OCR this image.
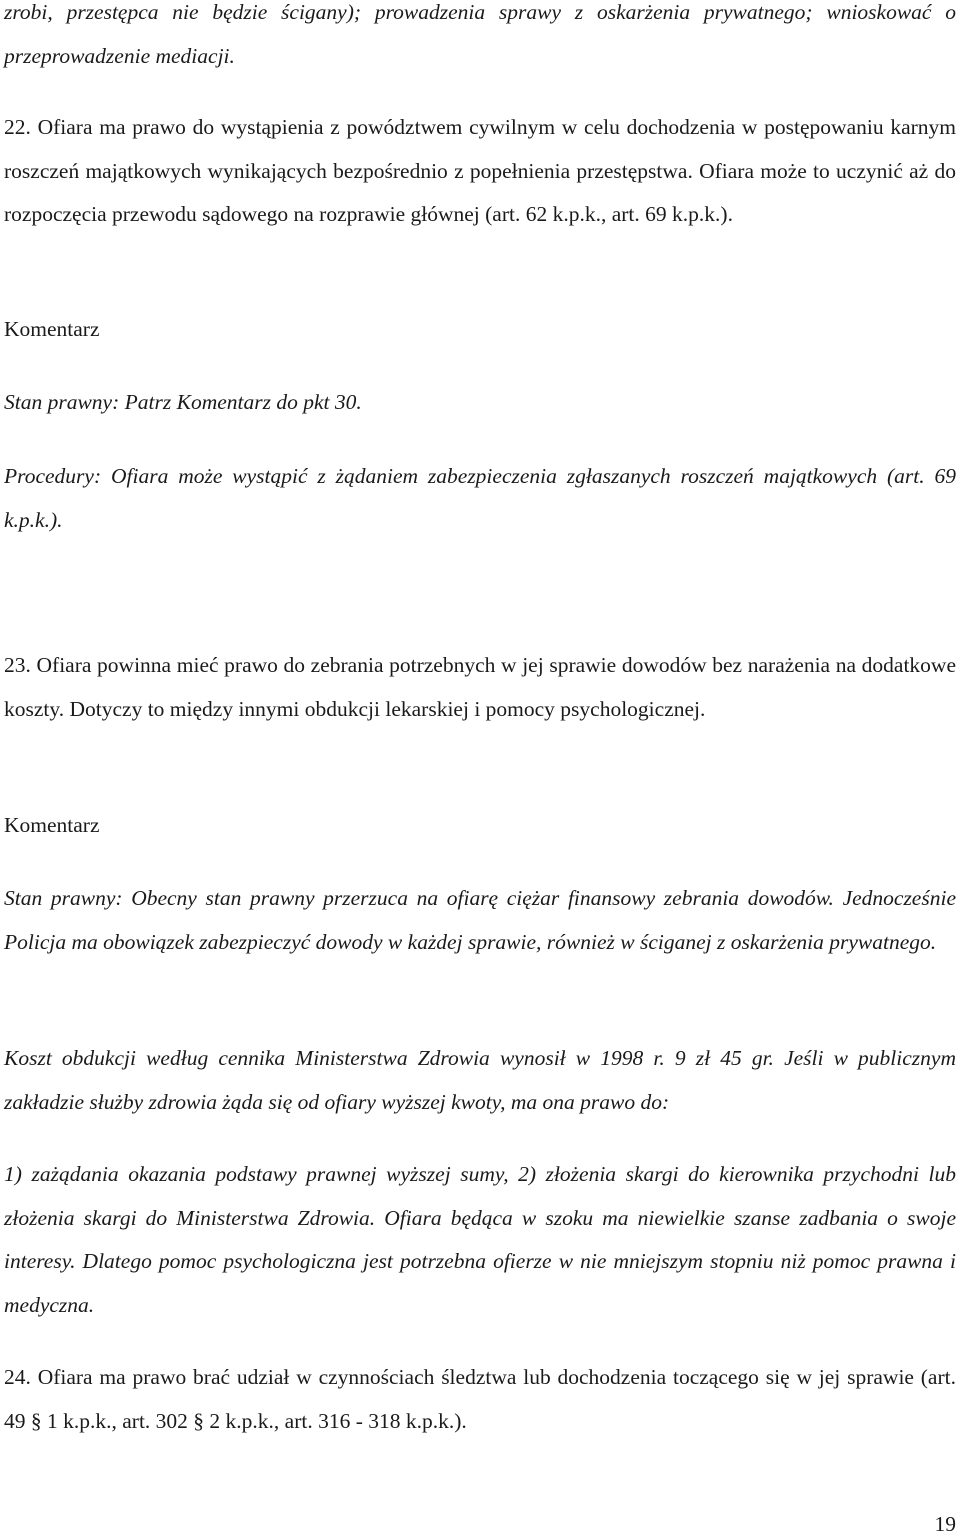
zrobi, przestępca nie będzie ścigany); prowadzenia sprawy z oskarżenia prywatnego; wnioskować o przeprowadzenie mediacji.

22. Ofiara ma prawo do wystąpienia z powództwem cywilnym w celu dochodzenia w postępowaniu karnym roszczeń majątkowych wynikających bezpośrednio z popełnienia przestępstwa. Ofiara może to uczynić aż do rozpoczęcia przewodu sądowego na rozprawie głównej (art. 62 k.p.k., art. 69 k.p.k.).

Komentarz

Stan prawny: Patrz Komentarz do pkt 30.

Procedury: Ofiara może wystąpić z żądaniem zabezpieczenia zgłaszanych roszczeń majątkowych (art. 69 k.p.k.).

23. Ofiara powinna mieć prawo do zebrania potrzebnych w jej sprawie dowodów bez narażenia na dodatkowe koszty. Dotyczy to między innymi obdukcji lekarskiej i pomocy psychologicznej.

Komentarz

Stan prawny: Obecny stan prawny przerzuca na ofiarę ciężar finansowy zebrania dowodów. Jednocześnie Policja ma obowiązek zabezpieczyć dowody w każdej sprawie, również w ściganej z oskarżenia prywatnego.

Koszt obdukcji według cennika Ministerstwa Zdrowia wynosił w 1998 r. 9 zł 45 gr. Jeśli w publicznym zakładzie służby zdrowia żąda się od ofiary wyższej kwoty, ma ona prawo do:

1) zażądania okazania podstawy prawnej wyższej sumy, 2) złożenia skargi do kierownika przychodni lub złożenia skargi do Ministerstwa Zdrowia. Ofiara będąca w szoku ma niewielkie szanse zadbania o swoje interesy. Dlatego pomoc psychologiczna jest potrzebna ofierze w nie mniejszym stopniu niż pomoc prawna i medyczna.

24. Ofiara ma prawo brać udział w czynnościach śledztwa lub dochodzenia toczącego się w jej sprawie (art. 49 § 1 k.p.k., art. 302 § 2 k.p.k., art. 316 - 318 k.p.k.).

19
